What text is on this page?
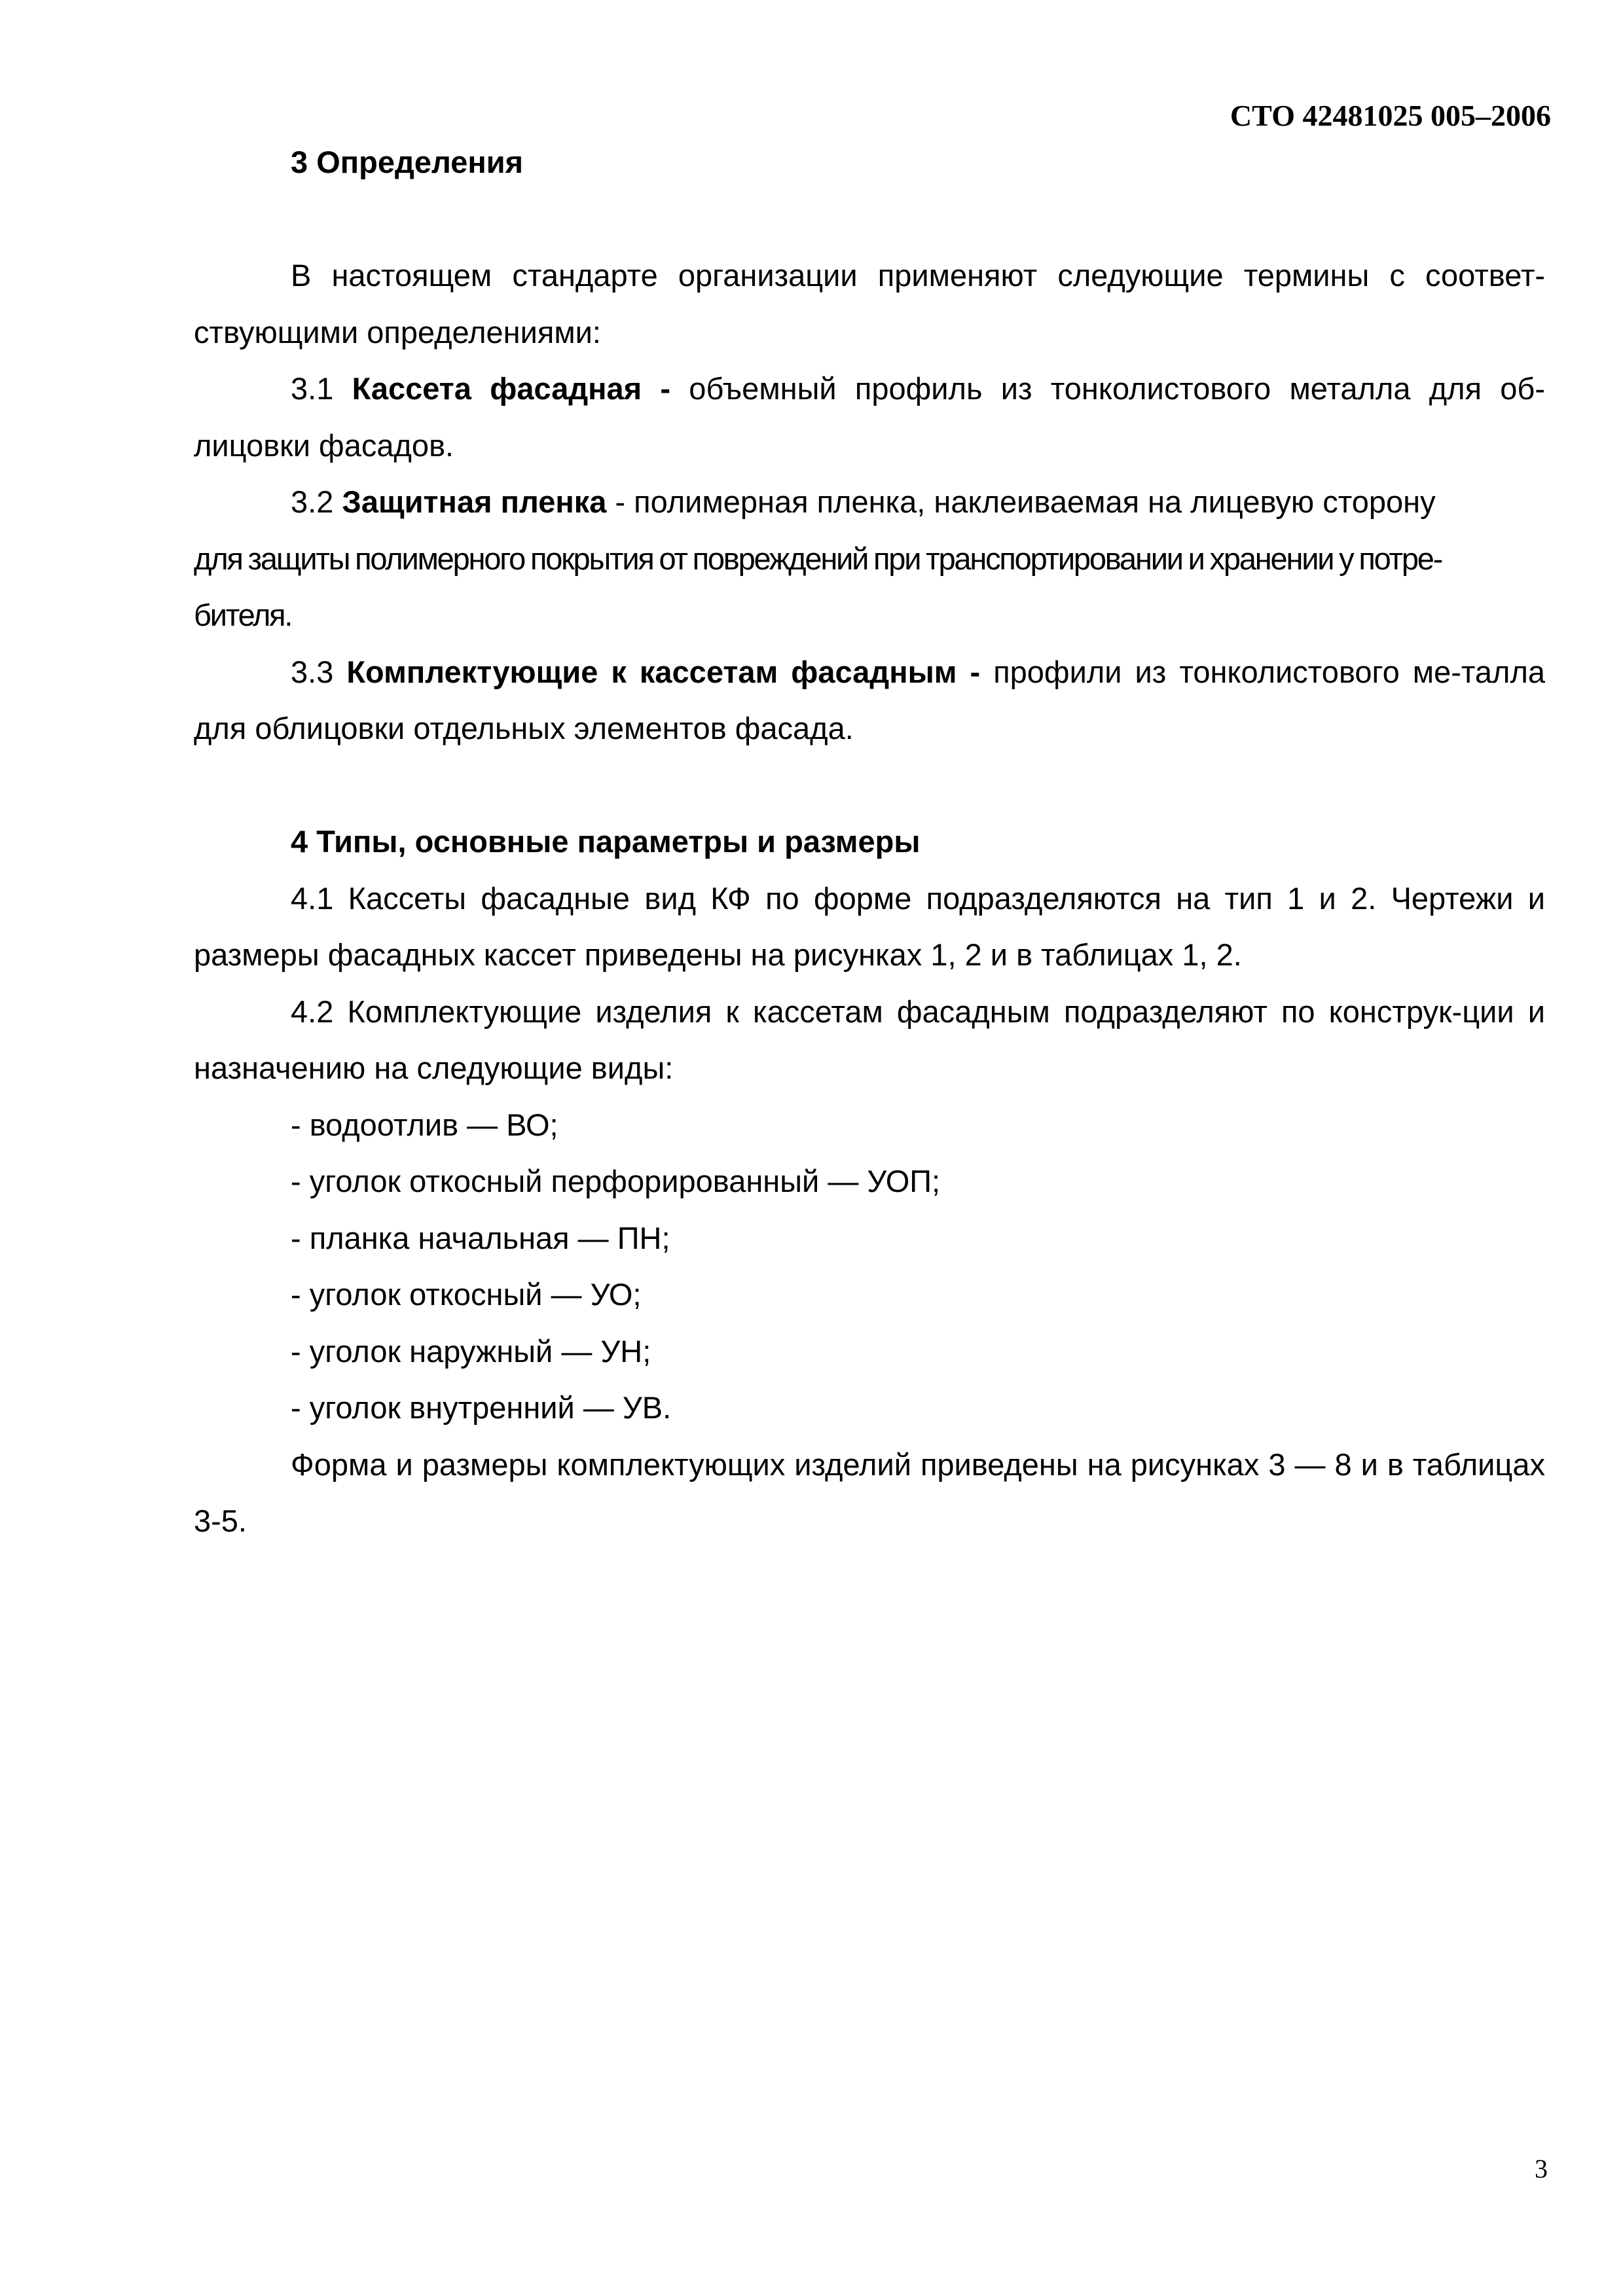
СТО 42481025 005–2006

3 Определения

В настоящем стандарте организации применяют следующие термины с соответ-ствующими определениями:

3.1 Кассета фасадная - объемный профиль из тонколистового металла для об-лицовки фасадов.

3.2 Защитная пленка - полимерная пленка, наклеиваемая на лицевую сторону

для защиты полимерного покрытия от повреждений при транспортировании и хранении у потре-

бителя.

3.3 Комплектующие к кассетам фасадным - профили из тонколистового ме-талла для облицовки отдельных элементов фасада.

4 Типы, основные параметры и размеры

4.1 Кассеты фасадные вид КФ по форме подразделяются на тип 1 и 2. Чертежи и размеры фасадных кассет приведены на рисунках 1, 2 и в таблицах 1, 2.

4.2 Комплектующие изделия к кассетам фасадным подразделяют по конструк-ции и назначению на следующие виды:

- водоотлив — ВО;

- уголок откосный перфорированный — УОП;

- планка начальная — ПН;

- уголок откосный — УО;

- уголок наружный — УН;

- уголок внутренний — УВ.

Форма и размеры комплектующих изделий приведены на рисунках 3 — 8 и в таблицах 3-5.

3
